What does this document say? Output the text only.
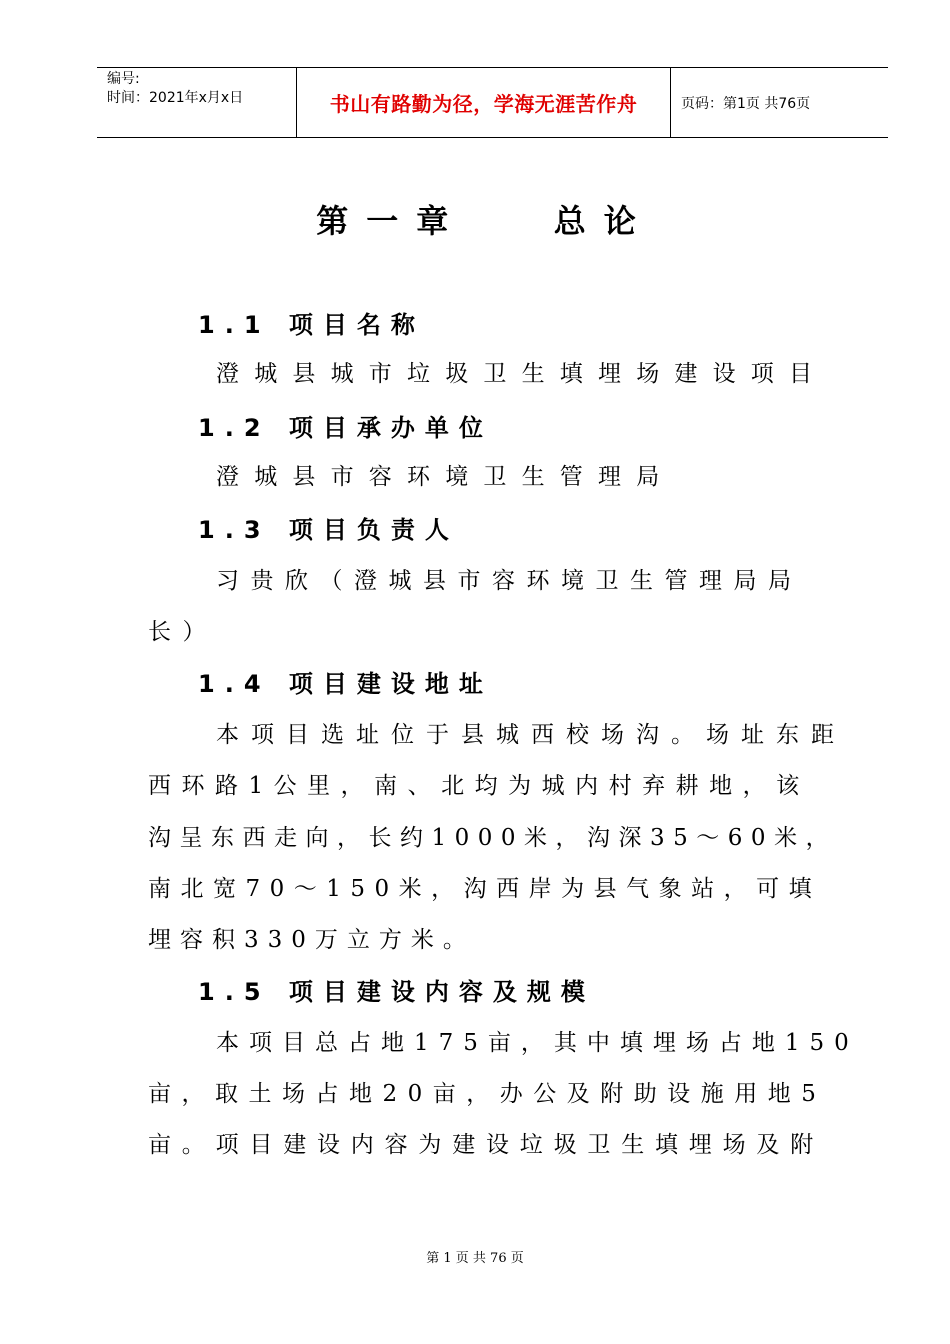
编号:
时间：2021年x月x日	书山有路勤为径，学海无涯苦作舟	页码：第1页 共76页
第一章   总论
1.1 项目名称
澄城县城市垃圾卫生填埋场建设项目
1.2 项目承办单位
澄城县市容环境卫生管理局
1.3 项目负责人
习贵欣（澄城县市容环境卫生管理局局
长）
1.4 项目建设地址
本项目选址位于县城西校场沟。场址东距
西环路1公里，南、北均为城内村弃耕地，该
沟呈东西走向，长约1000米，沟深35～60米，
南北宽70～150米，沟西岸为县气象站，可填
埋容积330万立方米。
1.5 项目建设内容及规模
本项目总占地175亩，其中填埋场占地150
亩，取土场占地20亩，办公及附助设施用地5
亩。项目建设内容为建设垃圾卫生填埋场及附
第 1 页 共 76 页
